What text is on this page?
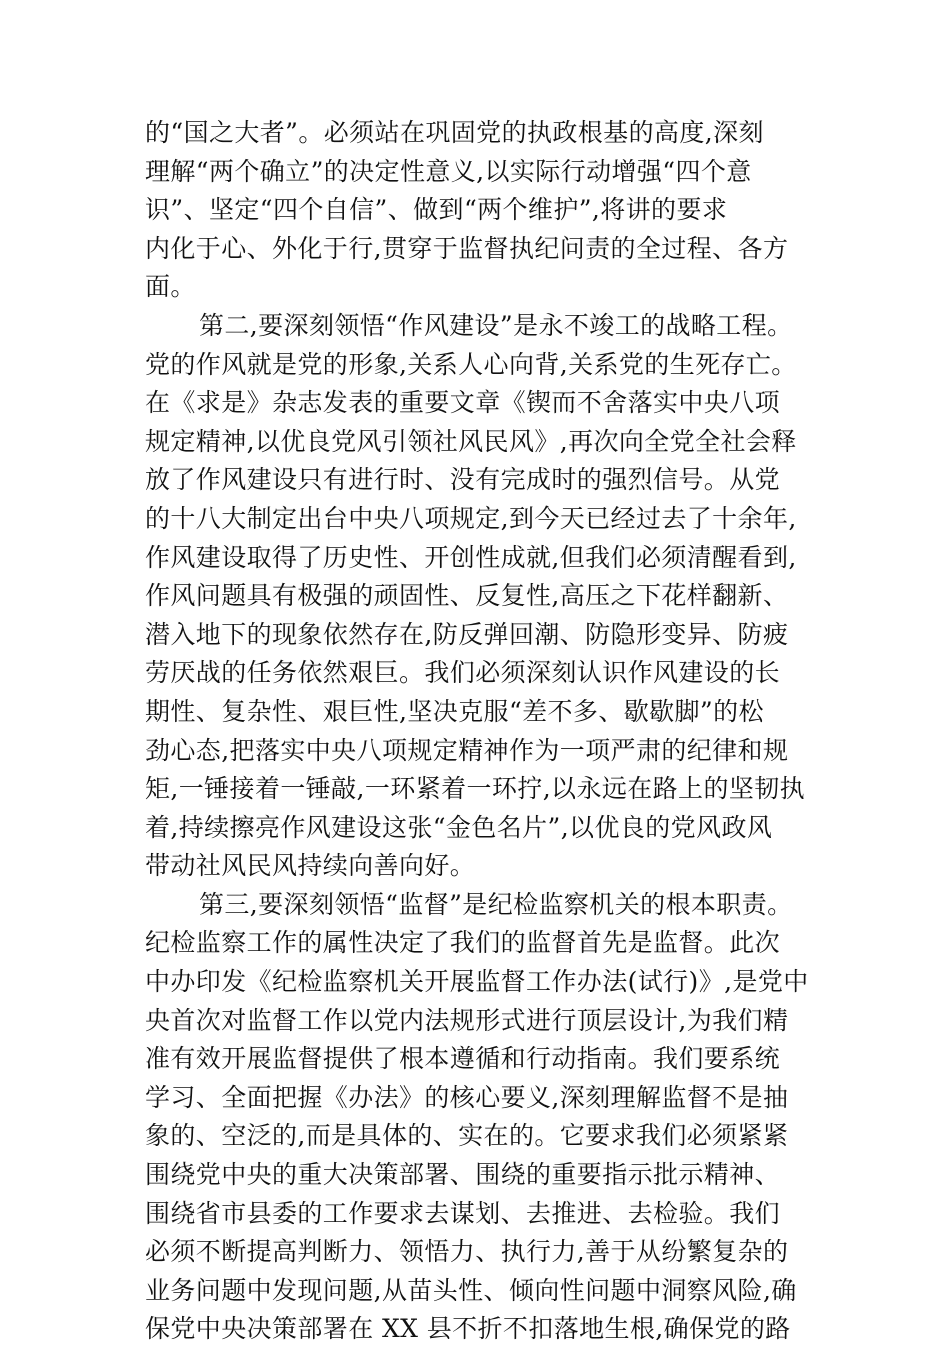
的“国之大者”。必须站在巩固党的执政根基的高度,深刻
理解“两个确立”的决定性意义,以实际行动增强“四个意
识”、坚定“四个自信”、做到“两个维护”,将讲的要求
内化于心、外化于行,贯穿于监督执纪问责的全过程、各方
面。
第二,要深刻领悟“作风建设”是永不竣工的战略工程。
党的作风就是党的形象,关系人心向背,关系党的生死存亡。
在《求是》杂志发表的重要文章《锲而不舍落实中央八项
规定精神,以优良党风引领社风民风》,再次向全党全社会释
放了作风建设只有进行时、没有完成时的强烈信号。从党
的十八大制定出台中央八项规定,到今天已经过去了十余年,
作风建设取得了历史性、开创性成就,但我们必须清醒看到,
作风问题具有极强的顽固性、反复性,高压之下花样翻新、
潜入地下的现象依然存在,防反弹回潮、防隐形变异、防疲
劳厌战的任务依然艰巨。我们必须深刻认识作风建设的长
期性、复杂性、艰巨性,坚决克服“差不多、歇歇脚”的松
劲心态,把落实中央八项规定精神作为一项严肃的纪律和规
矩,一锤接着一锤敲,一环紧着一环拧,以永远在路上的坚韧执
着,持续擦亮作风建设这张“金色名片”,以优良的党风政风
带动社风民风持续向善向好。
第三,要深刻领悟“监督”是纪检监察机关的根本职责。
纪检监察工作的属性决定了我们的监督首先是监督。此次
中办印发《纪检监察机关开展监督工作办法(试行)》,是党中
央首次对监督工作以党内法规形式进行顶层设计,为我们精
准有效开展监督提供了根本遵循和行动指南。我们要系统
学习、全面把握《办法》的核心要义,深刻理解监督不是抽
象的、空泛的,而是具体的、实在的。它要求我们必须紧紧
围绕党中央的重大决策部署、围绕的重要指示批示精神、
围绕省市县委的工作要求去谋划、去推进、去检验。我们
必须不断提高判断力、领悟力、执行力,善于从纷繁复杂的
业务问题中发现问题,从苗头性、倾向性问题中洞察风险,确
保党中央决策部署在 XX 县不折不扣落地生根,确保党的路
